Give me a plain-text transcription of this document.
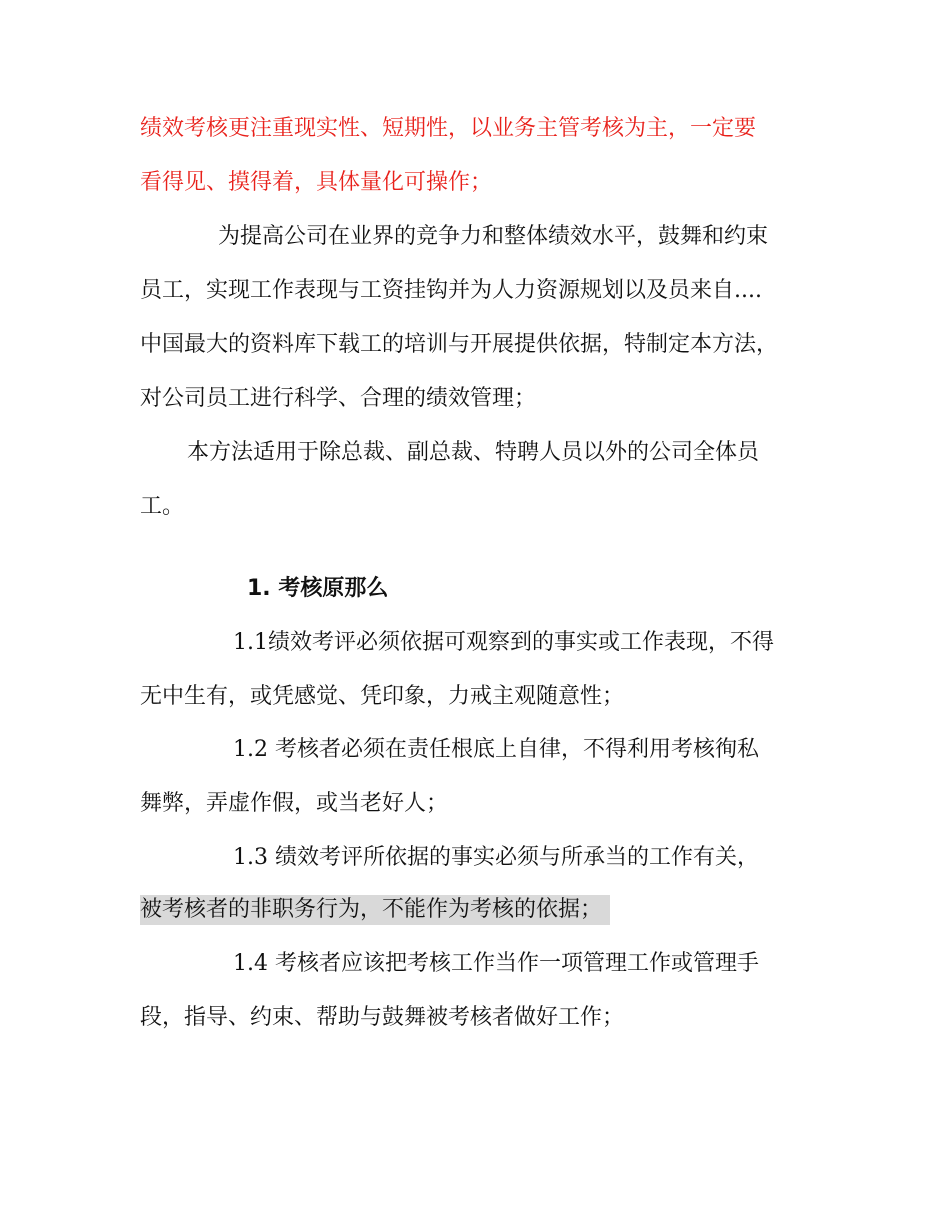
绩效考核更注重现实性、短期性，以业务主管考核为主，一定要
看得见、摸得着，具体量化可操作；
为提高公司在业界的竞争力和整体绩效水平，鼓舞和约束
员工，实现工作表现与工资挂钩并为人力资源规划以及员来自....
中国最大的资料库下载工的培训与开展提供依据，特制定本方法，
对公司员工进行科学、合理的绩效管理；
本方法适用于除总裁、副总裁、特聘人员以外的公司全体员
工。
1. 考核原那么
1.1绩效考评必须依据可观察到的事实或工作表现，不得
无中生有，或凭感觉、凭印象，力戒主观随意性；
1.2 考核者必须在责任根底上自律，不得利用考核徇私
舞弊，弄虚作假，或当老好人；
1.3 绩效考评所依据的事实必须与所承当的工作有关，
被考核者的非职务行为，不能作为考核的依据；
1.4 考核者应该把考核工作当作一项管理工作或管理手
段，指导、约束、帮助与鼓舞被考核者做好工作；
